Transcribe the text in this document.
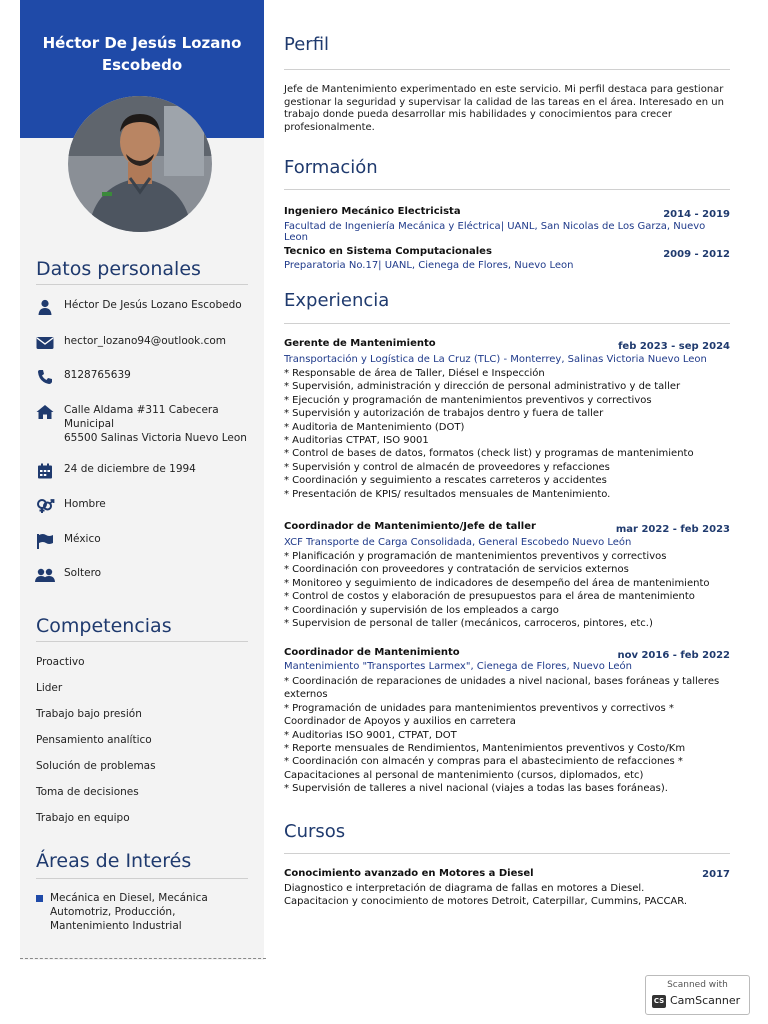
Héctor De Jesús Lozano
Escobedo
Datos personales
Héctor De Jesús Lozano Escobedo
hector_lozano94@outlook.com
8128765639
Calle Aldama #311 Cabecera
Municipal
65500 Salinas Victoria Nuevo Leon
24 de diciembre de 1994
Hombre
México
Soltero
Competencias
Proactivo
Lider
Trabajo bajo presión
Pensamiento analítico
Solución de problemas
Toma de decisiones
Trabajo en equipo
Áreas de Interés
Mecánica en Diesel, Mecánica
Automotriz, Producción,
Mantenimiento Industrial
Perfil
Jefe de Mantenimiento experimentado en este servicio. Mi perfil destaca para gestionar
gestionar la seguridad y supervisar la calidad de las tareas en el área. Interesado en un
trabajo donde pueda desarrollar mis habilidades y conocimientos para crecer
profesionalmente.
Formación
Ingeniero Mecánico Electricista	2014 - 2019
Facultad de Ingeniería Mecánica y Eléctrica| UANL, San Nicolas de Los Garza, Nuevo Leon
Tecnico en Sistema Computacionales	2009 - 2012
Preparatoria No.17| UANL, Cienega de Flores, Nuevo Leon
Experiencia
Gerente de Mantenimiento	feb 2023 - sep 2024
Transportación y Logística de La Cruz (TLC) - Monterrey, Salinas Victoria Nuevo Leon
* Responsable de área de Taller, Diésel e Inspección
* Supervisión, administración y dirección de personal administrativo y de taller
* Ejecución y programación de mantenimientos preventivos y correctivos
* Supervisión y autorización de trabajos dentro y fuera de taller
* Auditoria de Mantenimiento (DOT)
* Auditorias CTPAT, ISO 9001
* Control de bases de datos, formatos (check list) y programas de mantenimiento
* Supervisión y control de almacén de proveedores y refacciones
* Coordinación y seguimiento a rescates carreteros y accidentes
* Presentación de KPIS/ resultados mensuales de Mantenimiento.
Coordinador de Mantenimiento/Jefe de taller	mar 2022 - feb 2023
XCF Transporte de Carga Consolidada, General Escobedo Nuevo León
* Planificación y programación de mantenimientos preventivos y correctivos
* Coordinación con proveedores y contratación de servicios externos
* Monitoreo y seguimiento de indicadores de desempeño del área de mantenimiento
* Control de costos y elaboración de presupuestos para el área de mantenimiento
* Coordinación y supervisión de los empleados a cargo
* Supervision de personal de taller (mecánicos, carroceros, pintores, etc.)
Coordinador de Mantenimiento	nov 2016 - feb 2022
Mantenimiento "Transportes Larmex", Cienega de Flores, Nuevo León
* Coordinación de reparaciones de unidades a nivel nacional, bases foráneas y talleres
externos
* Programación de unidades para mantenimientos preventivos y correctivos *
Coordinador de Apoyos y auxilios en carretera
* Auditorias ISO 9001, CTPAT, DOT
* Reporte mensuales de Rendimientos, Mantenimientos preventivos y Costo/Km
* Coordinación con almacén y compras para el abastecimiento de refacciones *
Capacitaciones al personal de mantenimiento (cursos, diplomados, etc)
* Supervisión de talleres a nivel nacional (viajes a todas las bases foráneas).
Cursos
Conocimiento avanzado en Motores a Diesel	2017
Diagnostico e interpretación de diagrama de fallas en motores a Diesel.
Capacitacion y conocimiento de motores Detroit, Caterpillar, Cummins, PACCAR.
Scanned with
CS CamScanner
